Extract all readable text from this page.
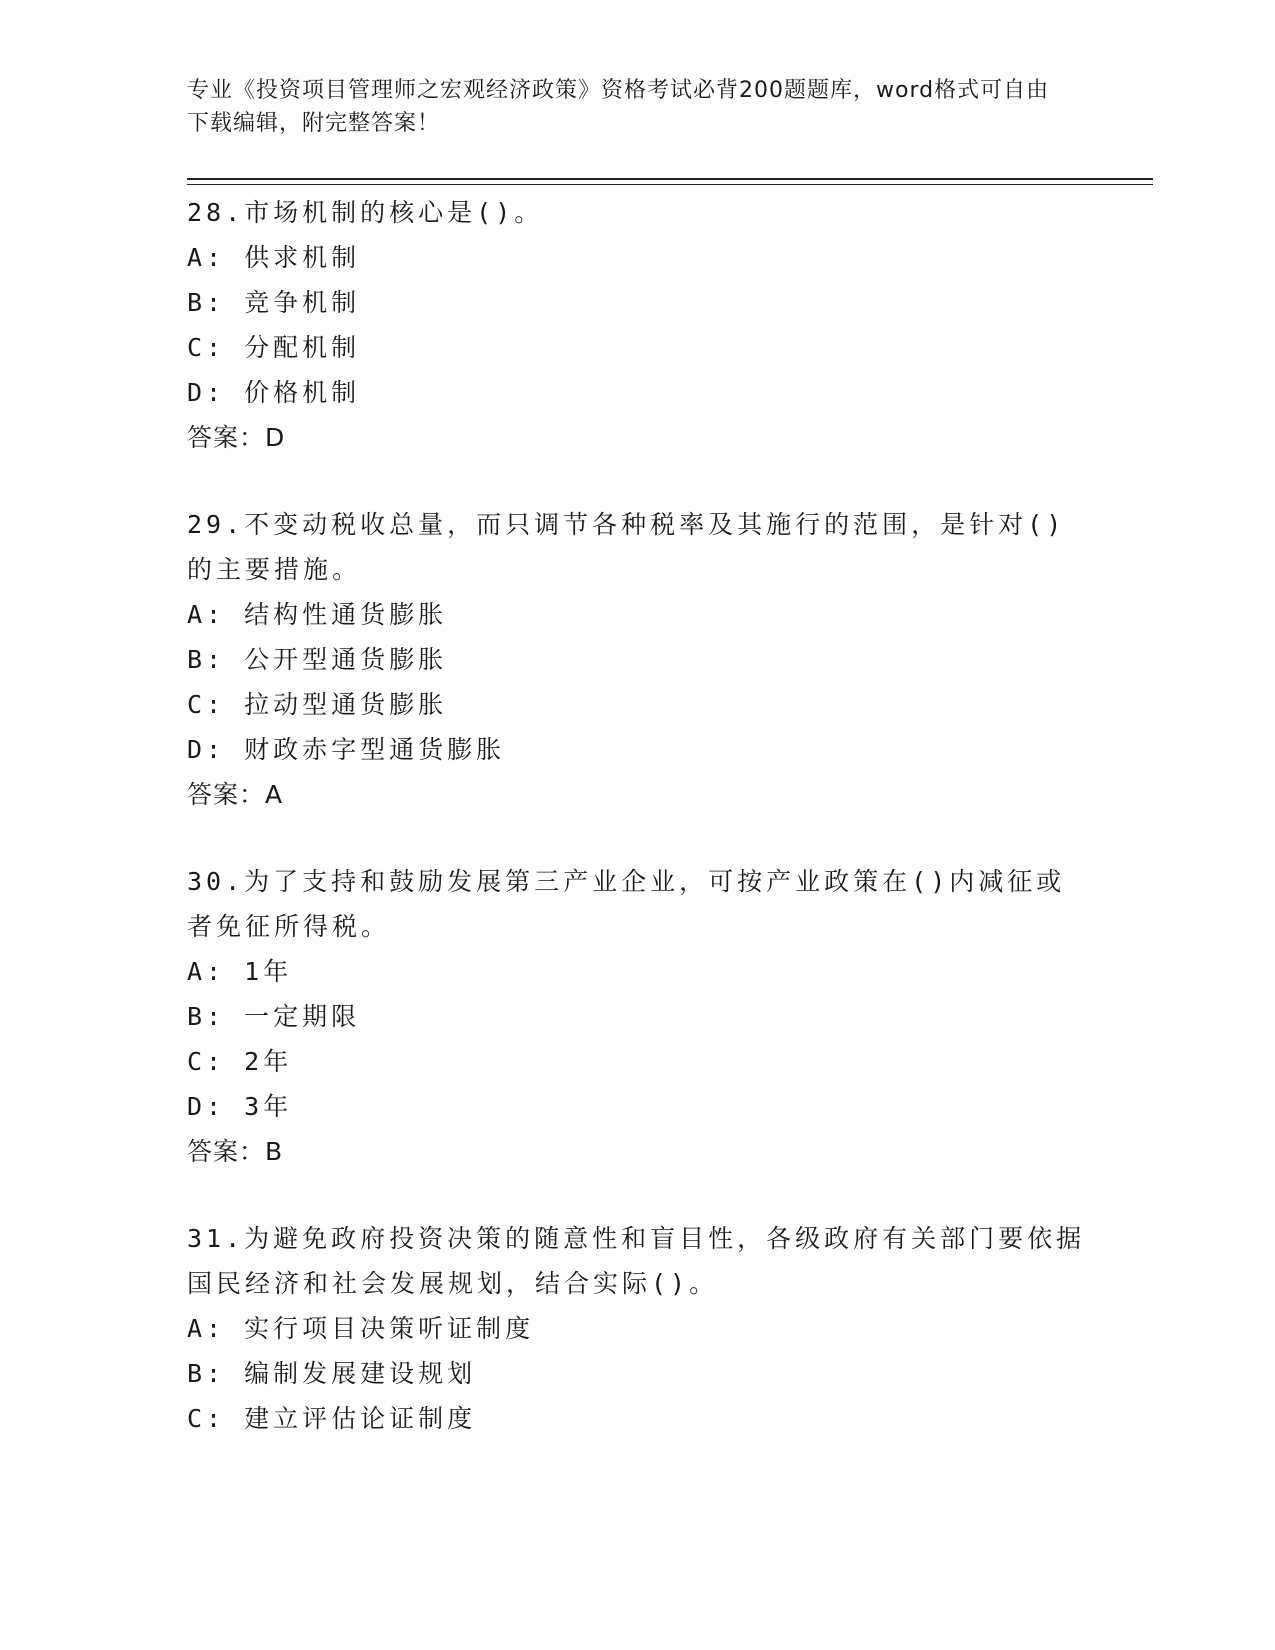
专业《投资项目管理师之宏观经济政策》资格考试必背200题题库，word格式可自由下载编辑，附完整答案！

28.市场机制的核心是()。

A: 供求机制

B: 竞争机制

C: 分配机制

D: 价格机制

答案：D

29.不变动税收总量，而只调节各种税率及其施行的范围，是针对()的主要措施。

A: 结构性通货膨胀

B: 公开型通货膨胀

C: 拉动型通货膨胀

D: 财政赤字型通货膨胀

答案：A

30.为了支持和鼓励发展第三产业企业，可按产业政策在()内减征或者免征所得税。

A: 1年

B: 一定期限

C: 2年

D: 3年

答案：B

31.为避免政府投资决策的随意性和盲目性，各级政府有关部门要依据国民经济和社会发展规划，结合实际()。

A: 实行项目决策听证制度

B: 编制发展建设规划

C: 建立评估论证制度
